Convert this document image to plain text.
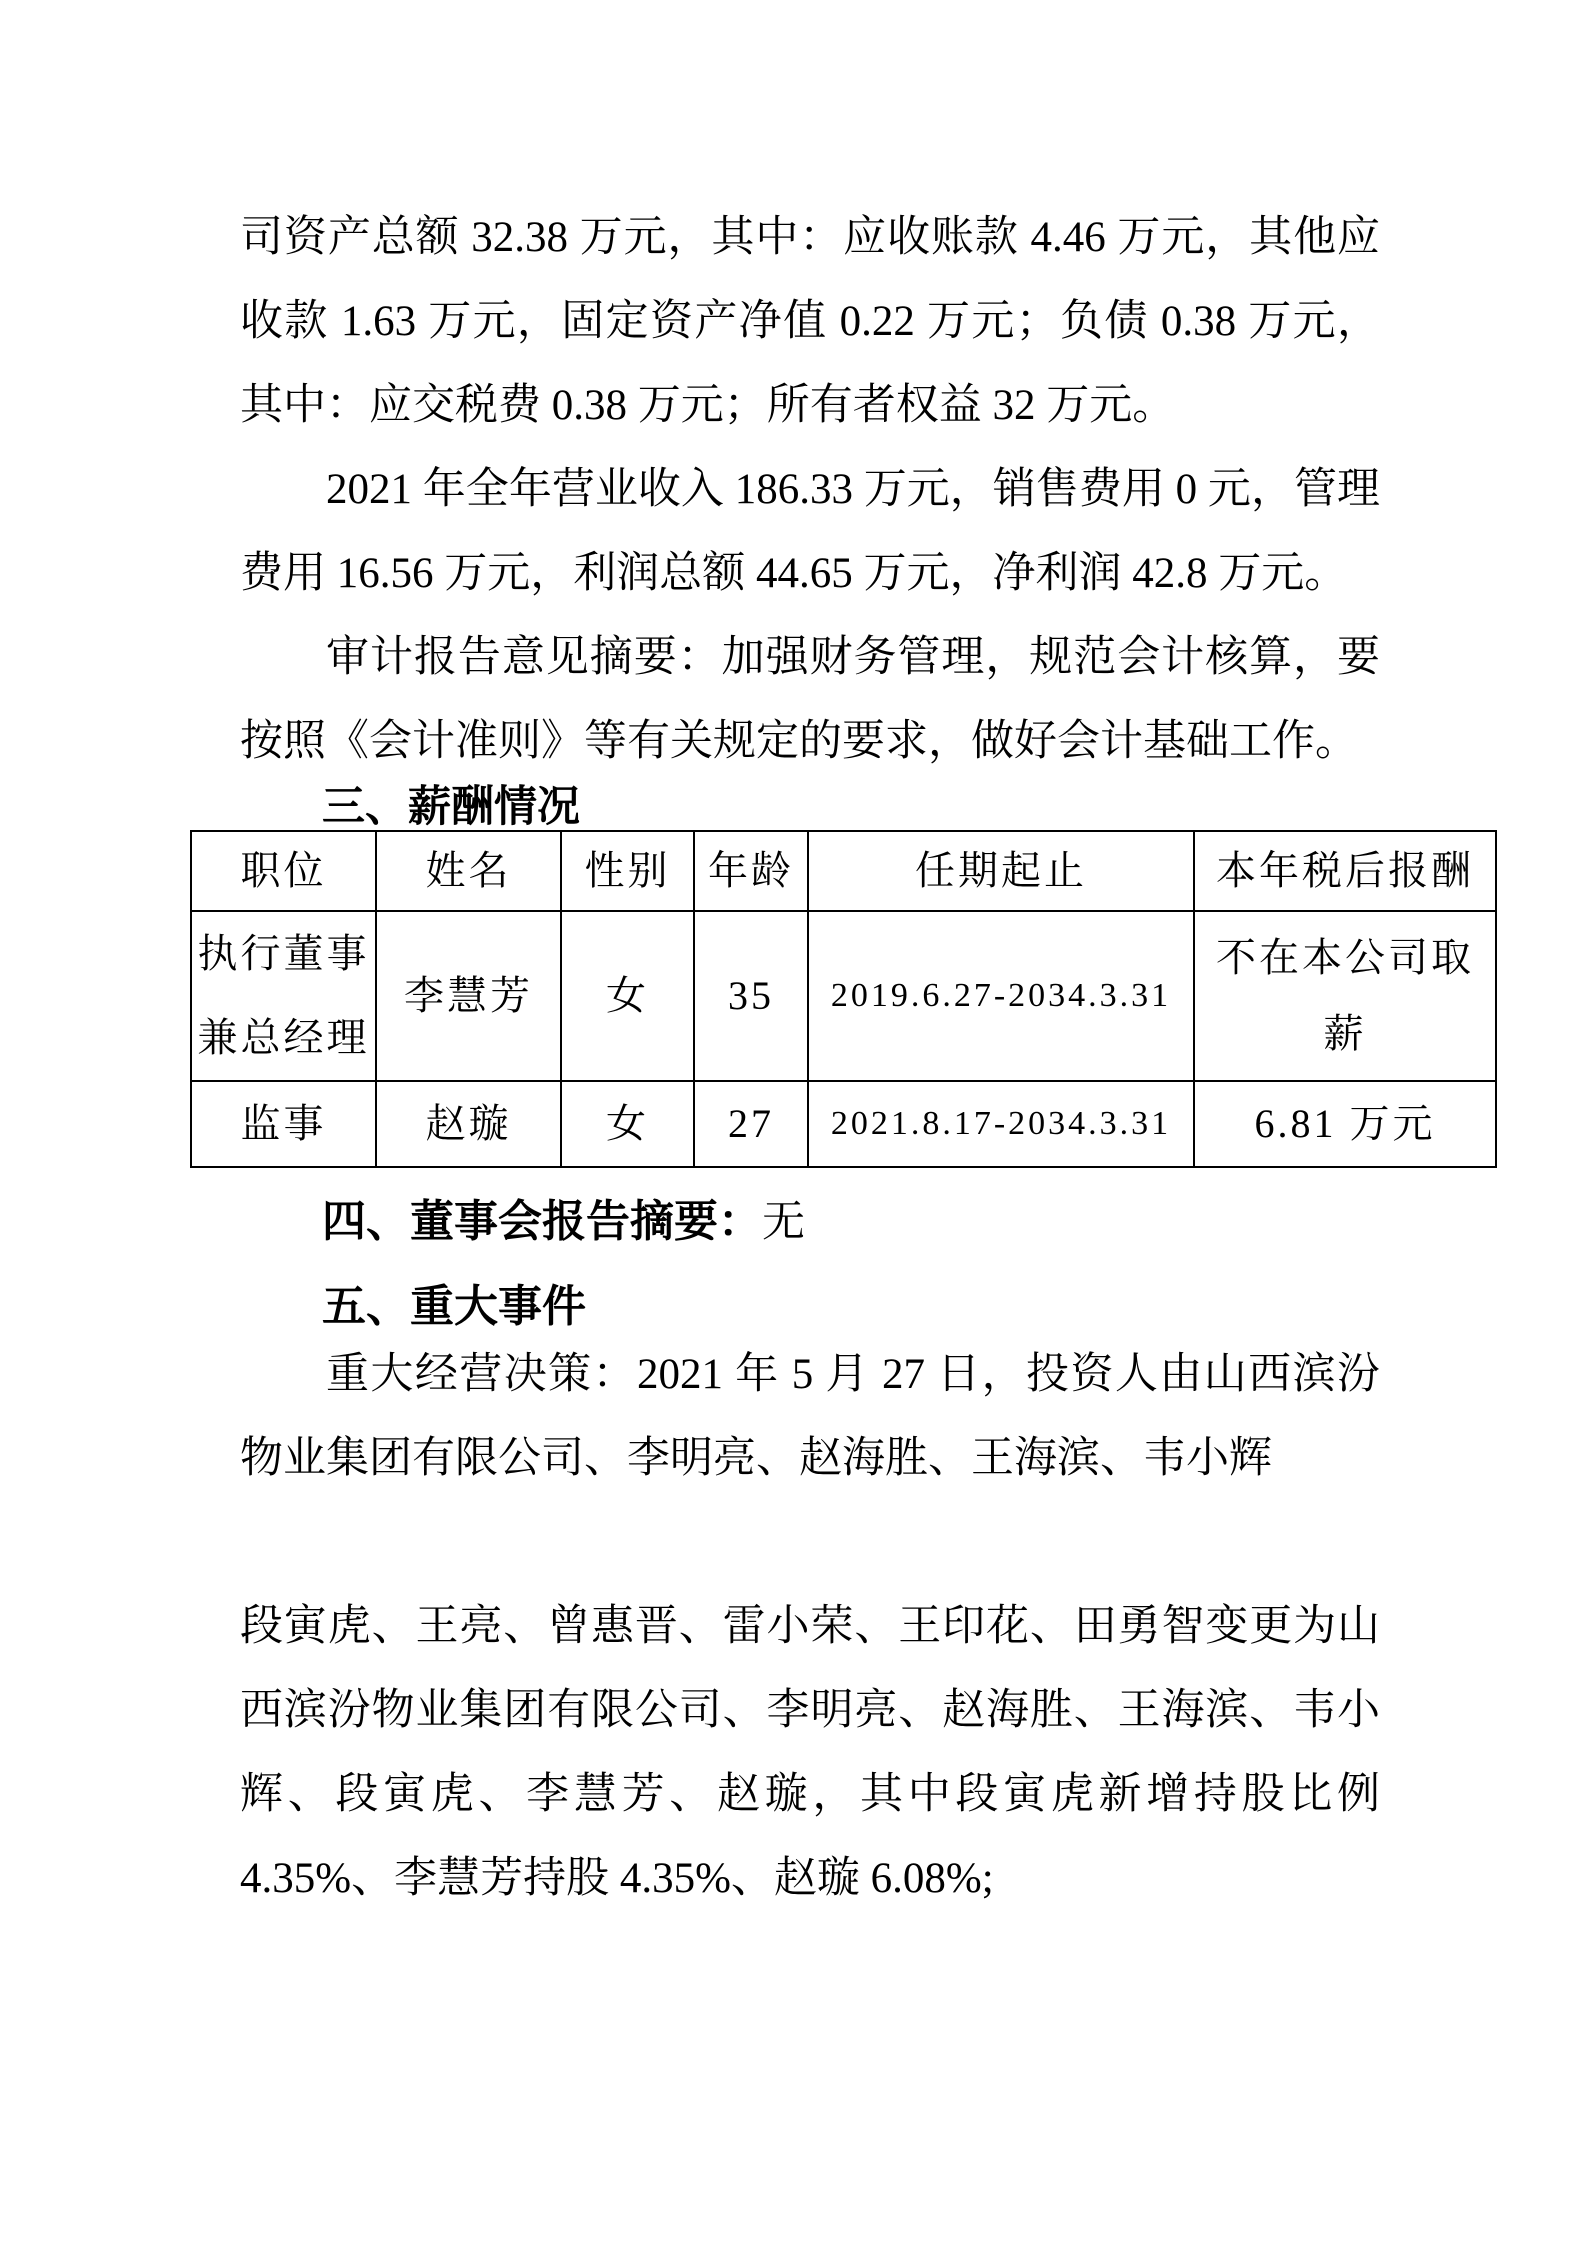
司资产总额 32.38 万元，其中：应收账款 4.46 万元，其他应收款 1.63 万元，固定资产净值 0.22 万元；负债 0.38 万元，其中：应交税费 0.38 万元；所有者权益 32 万元。

2021 年全年营业收入 186.33 万元，销售费用 0 元，管理费用 16.56 万元，利润总额 44.65 万元，净利润 42.8 万元。

审计报告意见摘要：加强财务管理，规范会计核算，要按照《会计准则》等有关规定的要求，做好会计基础工作。

三、薪酬情况
职位	姓名	性别	年龄	任期起止	本年税后报酬

执行董事
兼总经理	李慧芳	女	35	2019.6.27-2034.3.31	不在本公司取薪

监事	赵璇	女	27	2021.8.17-2034.3.31	6.81 万元
四、董事会报告摘要：无
五、重大事件

重大经营决策：2021 年 5 月 27 日，投资人由山西滨汾物业集团有限公司、李明亮、赵海胜、王海滨、韦小辉

段寅虎、王亮、曾惠晋、雷小荣、王印花、田勇智变更为山西滨汾物业集团有限公司、李明亮、赵海胜、王海滨、韦小辉、段寅虎、李慧芳、赵璇，其中段寅虎新增持股比例 4.35%、李慧芳持股 4.35%、赵璇 6.08%;
